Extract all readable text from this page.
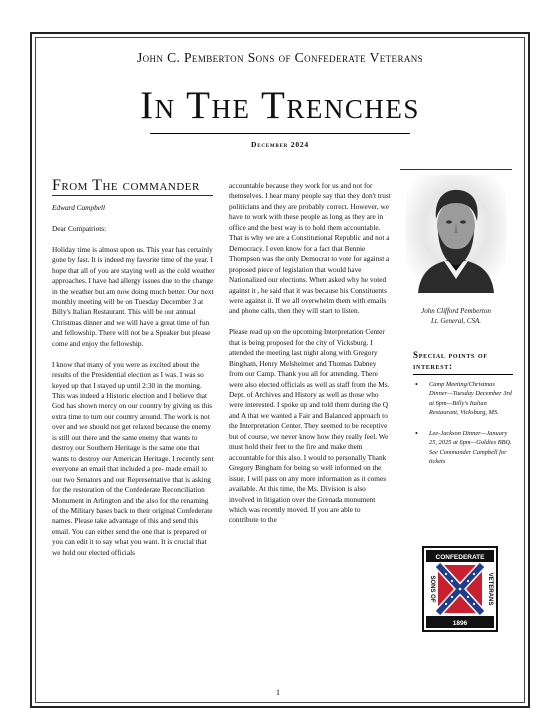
John C. Pemberton Sons of Confederate Veterans
In The Trenches
December 2024
From The commander

Edward Campbell

Dear Compatriots:

Holiday time is almost upon us. This year has certainly gone by fast. It is indeed my favorite time of the year. I hope that all of you are staying well as the cold weather approaches. I have had allergy issues due to the change in the weather but am now doing much better. Our next monthly meeting will be on Tuesday December 3 at Billy's Italian Restaurant. This will be our annual Christmas dinner and we will have a great time of fun and fellowship. There will not be a Speaker but please come and enjoy the fellowship.

I know that many of you were as excited about the results of the Presidential election as I was. I was so keyed up that I stayed up until 2:30 in the morning. This was indeed a Historic election and I believe that God has shown mercy on our country by giving us this extra time to turn our country around. The work is not over and we should not get relaxed because the enemy is still out there and the same enemy that wants to destroy our Southern Heritage is the same one that wants to destroy our American Heritage. I recently sent everyone an email that included a pre- made email to our two Senators and our Representative that is asking for the restoration of the Confederate Reconciliation Monument in Arlington and the also for the renaming of the Military bases back to their original Confederate names. Please take advantage of this and send this email. You can either send the one that is prepared or you can edit it to say what you want. It is crucial that we hold our elected officials

accountable because they work for us and not for themselves. I hear many people say that they don't trust politicians and they are probably correct. However, we have to work with these people as long as they are in office and the best way is to hold them accountable. That is why we are a Constitutional Republic and not a Democracy. I even know for a fact that Bennie Thompson was the only Democrat to vote for against a proposed piece of legislation that would have Nationalized our elections. When asked why he voted against it , he said that it was because his Constituents were against it. If we all overwhelm them with emails and phone calls, then they will start to listen.

Please read up on the upcoming Interpretation Center that is being proposed for the city of Vicksburg. I attended the meeting last night along with Gregory Bingham, Henry Melsheimer and Thomas Dabney from our Camp. Thank you all for attending. There were also elected officials as well as staff from the Ms. Dept. of Archives and History as well as those who were interested. I spoke up and told them during the Q and A that we wanted a Fair and Balanced approach to the Interpretation Center. They seemed to be receptive but of course, we never know how they really feel. We must hold their feet to the fire and make them accountable for this also. I would to personally Thank Gregory Bingham for being so well informed on the issue. I will pass on any more information as it comes available. At this time, the Ms. Division is also involved in litigation over the Grenada monument which was recently moved. If you are able to contribute to the

John Clifford Pemberton
Lt. General, CSA.
Special points of interest:
• Camp Meeting/Christmas Dinner—Tuesday December 3rd at 6pm—Billy's Italian Restaurant, Vicksburg, MS.
• Lee-Jackson Dinner—January 25, 2025 at 6pm—Goldies BBQ. See Commander Campbell for tickets
CONFEDERATE
1896
SONS OF	VETERANS
1
